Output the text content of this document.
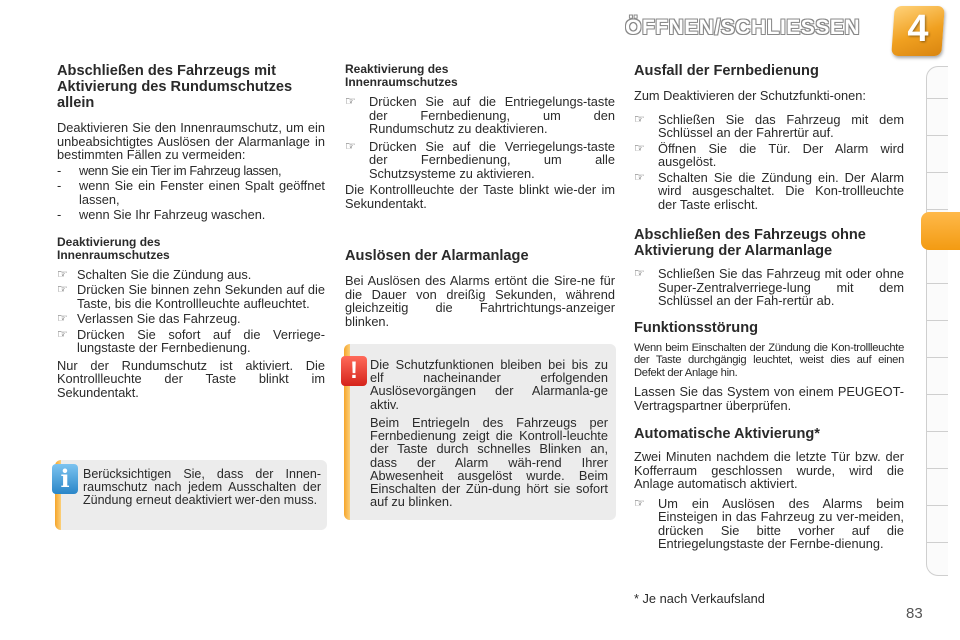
ÖFFNEN/SCHLIESSEN	4
Abschließen des Fahrzeugs mit Aktivierung des Rundumschutzes allein

Deaktivieren Sie den Innenraumschutz, um ein unbeabsichtigtes Auslösen der Alarmanlage in bestimmten Fällen zu vermeiden:

-	wenn Sie ein Tier im Fahrzeug lassen,
-	wenn Sie ein Fenster einen Spalt geöffnet lassen,
-	wenn Sie Ihr Fahrzeug waschen.
Deaktivierung des Innenraumschutzes
☞ Schalten Sie die Zündung aus.
☞ Drücken Sie binnen zehn Sekunden auf die Taste, bis die Kontrollleuchte aufleuchtet.
☞ Verlassen Sie das Fahrzeug.
☞ Drücken Sie sofort auf die Verriege-lungstaste der Fernbedienung.

Nur der Rundumschutz ist aktiviert. Die Kontrollleuchte der Taste blinkt im Sekundentakt.

Berücksichtigen Sie, dass der Innen-raumschutz nach jedem Ausschalten der Zündung erneut deaktiviert wer-den muss.

i
Reaktivierung des Innenraumschutzes
☞	Drücken Sie auf die Entriegelungs-taste der Fernbedienung, um den Rundumschutz zu deaktivieren.
☞	Drücken Sie auf die Verriegelungs-taste der Fernbedienung, um alle Schutzsysteme zu aktivieren.

Die Kontrollleuchte der Taste blinkt wie-der im Sekundentakt.

Auslösen der Alarmanlage

Bei Auslösen des Alarms ertönt die Sire-ne für die Dauer von dreißig Sekunden, während gleichzeitig die Fahrtrichtungs-anzeiger blinken.

Die Schutzfunktionen bleiben bei bis zu elf nacheinander erfolgenden Auslösevorgängen der Alarmanla-ge aktiv.

Beim Entriegeln des Fahrzeugs per Fernbedienung zeigt die Kontroll-leuchte der Taste durch schnelles Blinken an, dass der Alarm wäh-rend Ihrer Abwesenheit ausgelöst wurde. Beim Einschalten der Zün-dung hört sie sofort auf zu blinken.

!
Ausfall der Fernbedienung

Zum Deaktivieren der Schutzfunkti-onen:

☞	Schließen Sie das Fahrzeug mit dem Schlüssel an der Fahrertür auf.
☞	Öffnen Sie die Tür. Der Alarm wird ausgelöst.
☞	Schalten Sie die Zündung ein. Der Alarm wird ausgeschaltet. Die Kon-trollleuchte der Taste erlischt.
Abschließen des Fahrzeugs ohne Aktivierung der Alarmanlage
☞	Schließen Sie das Fahrzeug mit oder ohne Super-Zentralverriege-lung mit dem Schlüssel an der Fah-rertür ab.
Funktionsstörung

Wenn beim Einschalten der Zündung die Kon-trollleuchte der Taste durchgängig leuchtet, weist dies auf einen Defekt der Anlage hin.

Lassen Sie das System von einem PEUGEOT-Vertragspartner überprüfen.

Automatische Aktivierung*

Zwei Minuten nachdem die letzte Tür bzw. der Kofferraum geschlossen wurde, wird die Anlage automatisch aktiviert.

☞	Um ein Auslösen des Alarms beim Einsteigen in das Fahrzeug zu ver-meiden, drücken Sie bitte vorher auf die Entriegelungstaste der Fernbe-dienung.
* Je nach Verkaufsland
83
